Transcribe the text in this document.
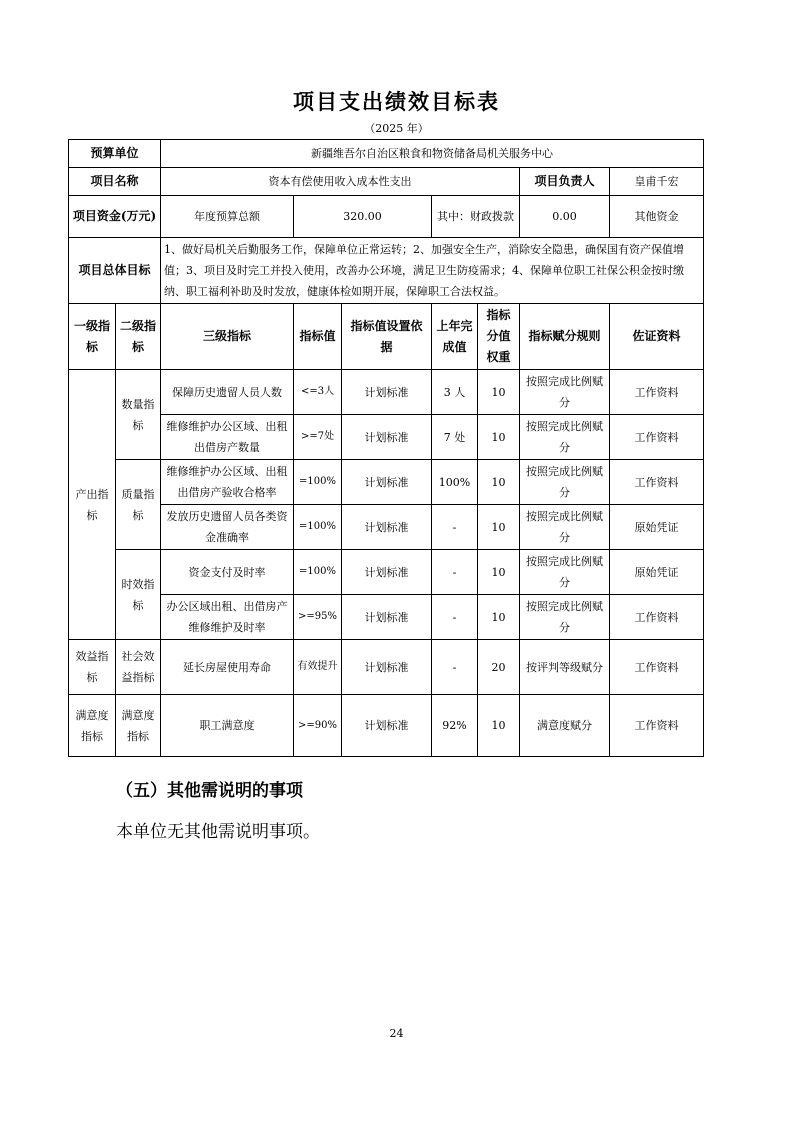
项目支出绩效目标表
（2025 年）
预算单位		新疆维吾尔自治区粮食和物资储备局机关服务中心						
项目名称		资本有偿使用收入成本性支出					项目负责人	皇甫千宏
项目资金(万元)		年度预算总额	320.00		其中：财政拨款		0.00	其他资金
项目总体目标		1、做好局机关后勤服务工作，保障单位正常运转；2、加强安全生产，消除安全隐患，确保国有资产保值增值；3、项目及时完工并投入使用，改善办公环境，满足卫生防疫需求；4、保障单位职工社保公积金按时缴纳、职工福利补助及时发放，健康体检如期开展，保障职工合法权益。						
一级指标	二级指标	三级指标	指标值	指标值设置依据	上年完成值	指标分值权重	指标赋分规则	佐证资料
产出指标	数量指标	保障历史遗留人员人数	<=3人	计划标准	3 人	10	按照完成比例赋分	工作资料
		维修维护办公区域、出租出借房产数量	>=7处	计划标准	7 处	10	按照完成比例赋分	工作资料
	质量指标	维修维护办公区域、出租出借房产验收合格率	=100%	计划标准	100%	10	按照完成比例赋分	工作资料
		发放历史遗留人员各类资金准确率	=100%	计划标准	-	10	按照完成比例赋分	原始凭证
	时效指标	资金支付及时率	=100%	计划标准	-	10	按照完成比例赋分	原始凭证
		办公区域出租、出借房产维修维护及时率	>=95%	计划标准	-	10	按照完成比例赋分	工作资料
效益指标	社会效益指标	延长房屋使用寿命	有效提升	计划标准	-	20	按评判等级赋分	工作资料
满意度指标	满意度指标	职工满意度	>=90%	计划标准	92%	10	满意度赋分	工作资料
（五）其他需说明的事项
本单位无其他需说明事项。
24
